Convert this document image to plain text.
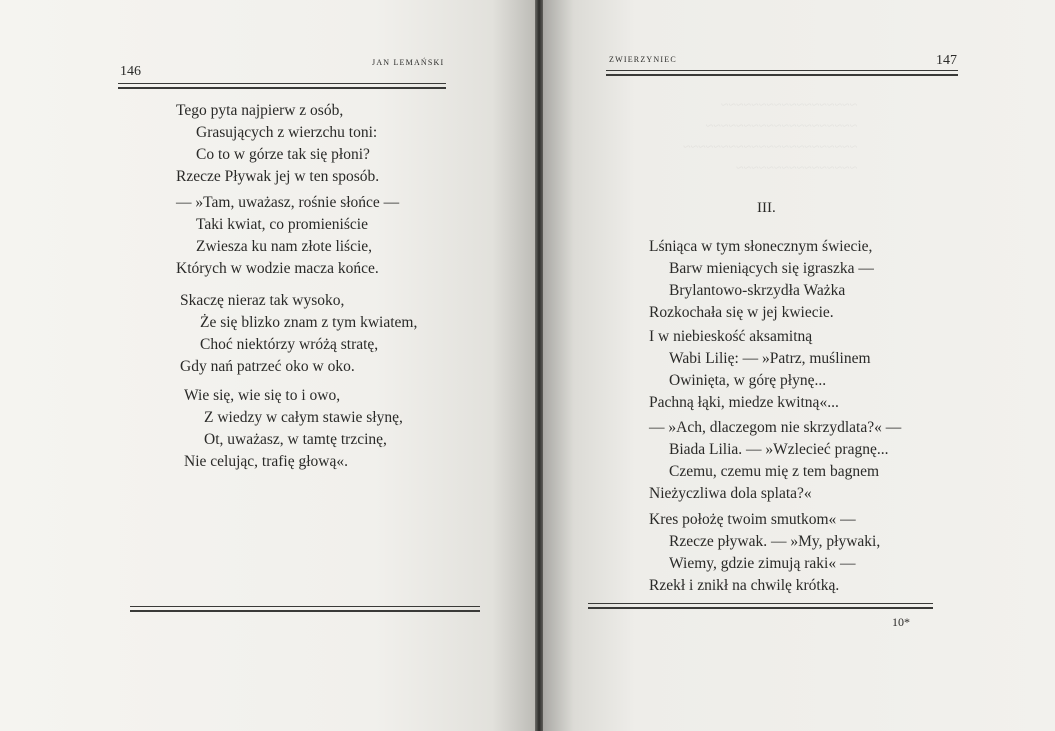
146
JAN LEMAŃSKI
Tego pyta najpierw z osób,
Grasujących z wierzchu toni:
Co to w górze tak się płoni?
Rzecze Pływak jej w ten sposób.
— »Tam, uważasz, rośnie słońce —
Taki kwiat, co promieniście
Zwiesza ku nam złote liście,
Których w wodzie macza końce.
Skaczę nieraz tak wysoko,
Że się blizko znam z tym kwiatem,
Choć niektórzy wróżą stratę,
Gdy nań patrzeć oko w oko.
Wie się, wie się to i owo,
Z wiedzy w całym stawie słynę,
Ot, uważasz, w tamtę trzcinę,
Nie celując, trafię głową«.
ZWIERZYNIEC	147
~~~~~~~~~~~~~~~~~~
~~~~~~~~~~~~~~~~~~~~
~~~~~~~~~~~~~~~~~~~~~~~
~~~~~~~~~~~~~~~~
III.
Lśniąca w tym słonecznym świecie,
Barw mieniących się igraszka —
Brylantowo-skrzydła Ważka
Rozkochała się w jej kwiecie.
I w niebieskość aksamitną
Wabi Lilię: — »Patrz, muślinem
Owinięta, w górę płynę...
Pachną łąki, miedze kwitną«...
— »Ach, dlaczegom nie skrzydlata?« —
Biada Lilia. — »Wzlecieć pragnę...
Czemu, czemu mię z tem bagnem
Nieżyczliwa dola splata?«
Kres położę twoim smutkom« —
Rzecze pływak. — »My, pływaki,
Wiemy, gdzie zimują raki« —
Rzekł i znikł na chwilę krótką.
10*
